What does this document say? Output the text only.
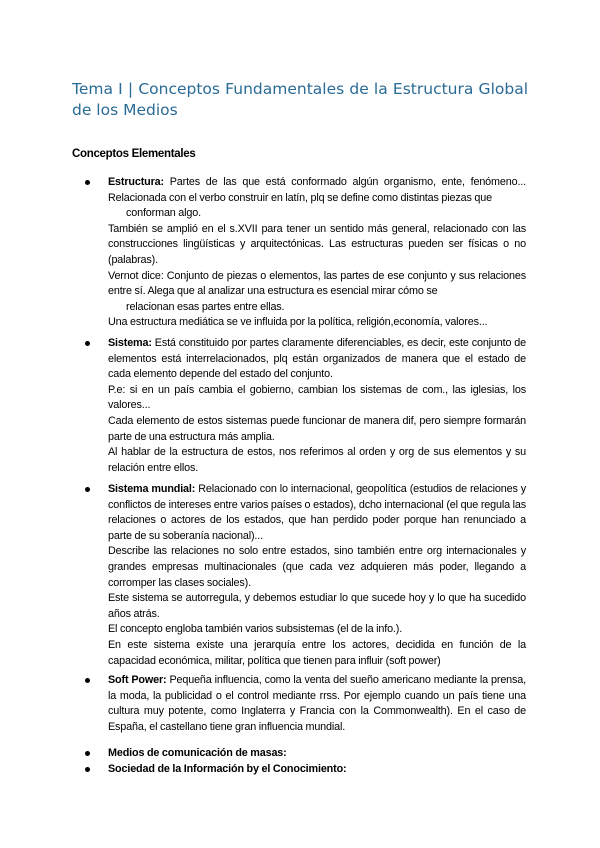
Tema I | Conceptos Fundamentales de la Estructura Global de los Medios
Conceptos Elementales

Estructura: Partes de las que está conformado algún organismo, ente, fenómeno... Relacionada con el verbo construir en latín, plq se define como distintas piezas que

conforman algo.

También se amplió en el s.XVII para tener un sentido más general, relacionado con las construcciones lingüísticas y arquitectónicas. Las estructuras pueden ser físicas o no (palabras).

Vernot dice: Conjunto de piezas o elementos, las partes de ese conjunto y sus relaciones entre sí. Alega que al analizar una estructura es esencial mirar cómo se

relacionan esas partes entre ellas.

Una estructura mediática se ve influida por la política, religión,economía, valores...

Sistema: Está constituido por partes claramente diferenciables, es decir, este conjunto de elementos está interrelacionados, plq están organizados de manera que el estado de cada elemento depende del estado del conjunto.

P.e: si en un país cambia el gobierno, cambian los sistemas de com., las iglesias, los valores...

Cada elemento de estos sistemas puede funcionar de manera dif, pero siempre formarán parte de una estructura más amplia.

Al hablar de la estructura de estos, nos referimos al orden y org de sus elementos y su relación entre ellos.

Sistema mundial: Relacionado con lo internacional, geopolítica (estudios de relaciones y conflictos de intereses entre varios países o estados), dcho internacional (el que regula las relaciones o actores de los estados, que han perdido poder porque han renunciado a parte de su soberanía nacional)...

Describe las relaciones no solo entre estados, sino también entre org internacionales y grandes empresas multinacionales (que cada vez adquieren más poder, llegando a corromper las clases sociales).

Este sistema se autorregula, y debemos estudiar lo que sucede hoy y lo que ha sucedido años atrás.

El concepto engloba también varios subsistemas (el de la info.).

En este sistema existe una jerarquía entre los actores, decidida en función de la capacidad económica, militar, política que tienen para influir (soft power)

Soft Power: Pequeña influencia, como la venta del sueño americano mediante la prensa, la moda, la publicidad o el control mediante rrss. Por ejemplo cuando un país tiene una cultura muy potente, como Inglaterra y Francia con la Commonwealth). En el caso de España, el castellano tiene gran influencia mundial.

Medios de comunicación de masas:

Sociedad de la Información by el Conocimiento:
